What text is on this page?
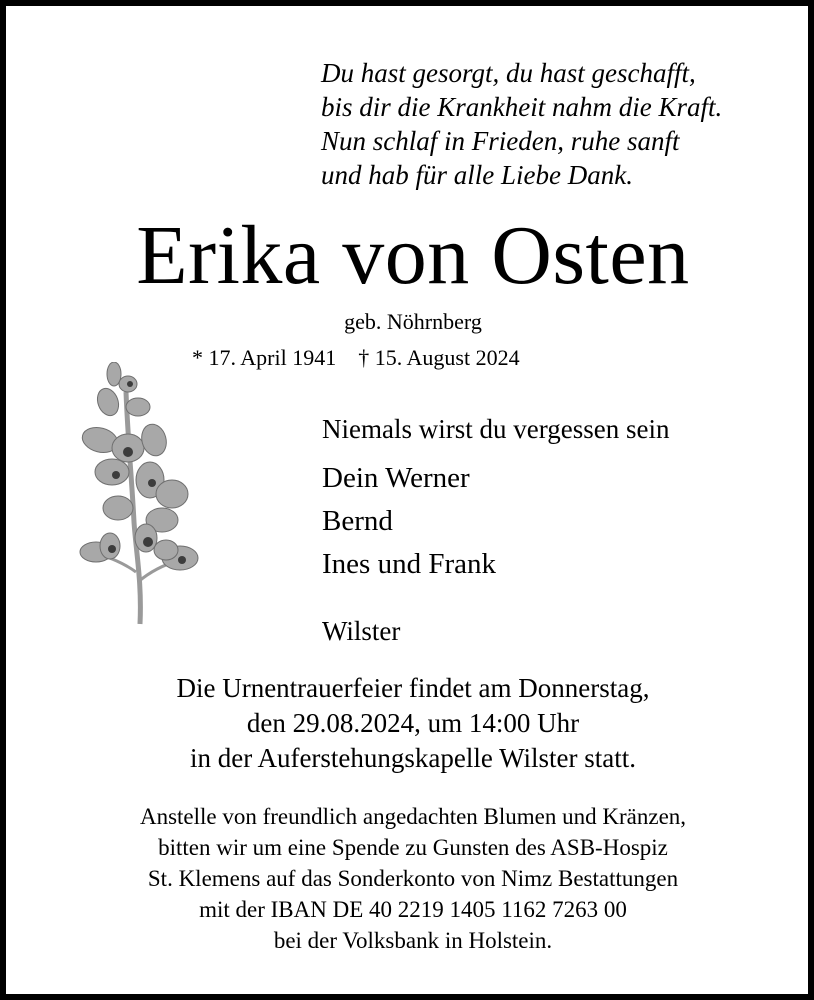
Du hast gesorgt, du hast geschafft,
bis dir die Krankheit nahm die Kraft.
Nun schlaf in Frieden, ruhe sanft
und hab für alle Liebe Dank.
Erika von Osten
geb. Nöhrnberg
* 17. April 1941 † 15. August 2024
Niemals wirst du vergessen sein
Dein Werner
Bernd
Ines und Frank
Wilster
Die Urnentrauerfeier findet am Donnerstag,
den 29.08.2024, um 14:00 Uhr
in der Auferstehungskapelle Wilster statt.
Anstelle von freundlich angedachten Blumen und Kränzen,
bitten wir um eine Spende zu Gunsten des ASB-Hospiz
St. Klemens auf das Sonderkonto von Nimz Bestattungen
mit der IBAN DE 40 2219 1405 1162 7263 00
bei der Volksbank in Holstein.
